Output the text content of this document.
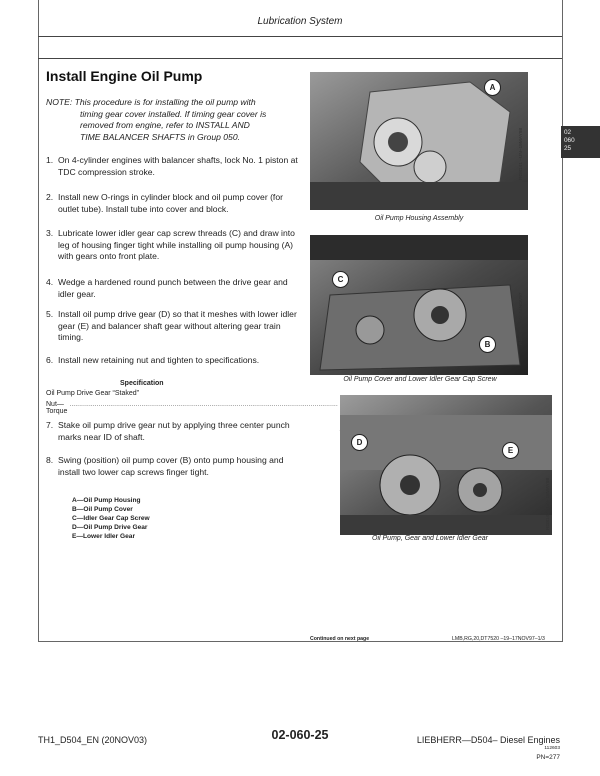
Lubrication System
Install Engine Oil Pump
NOTE: This procedure is for installing the oil pump with
timing gear cover installed. If timing gear cover is
removed from engine, refer to INSTALL AND
TIME BALANCER SHAFTS in Group 050.
1. On 4-cylinder engines with balancer shafts, lock No. 1 piston at TDC compression stroke.
2. Install new O-rings in cylinder block and oil pump cover (for outlet tube). Install tube into cover and block.
3. Lubricate lower idler gear cap screw threads (C) and draw into leg of housing finger tight while installing oil pump housing (A) with gears onto front plate.
4. Wedge a hardened round punch between the drive gear and idler gear.
5. Install oil pump drive gear (D) so that it meshes with lower idler gear (E) and balancer shaft gear without altering gear train timing.
6. Install new retaining nut and tighten to specifications.
Specification
Oil Pump Drive Gear “Staked”
Nut—Torque
..........................................................................................................................................
7. Stake oil pump drive gear nut by applying three center punch marks near ID of shaft.
8. Swing (position) oil pump cover (B) onto pump housing and install two lower cap screws finger tight.
A—Oil Pump Housing
B—Oil Pump Cover
C—Idler Gear Cap Screw
D—Oil Pump Drive Gear
E—Lower Idler Gear
A
RG8141 –UN–19MAY98
Oil Pump Housing Assembly
C
B	RG9088 –UN–14NOV97
Oil Pump Cover and Lower Idler Gear Cap Screw
D
E
RG8142 –UN–19MAY98
Oil Pump, Gear and Lower Idler Gear
02
060
25
Continued on next page	LMB,RG,20,DT7520 –19–17NOV97–1/3
TH1_D504_EN (20NOV03)	02-060-25	LIEBHERR—D504– Diesel Engines
112603
PN=277
